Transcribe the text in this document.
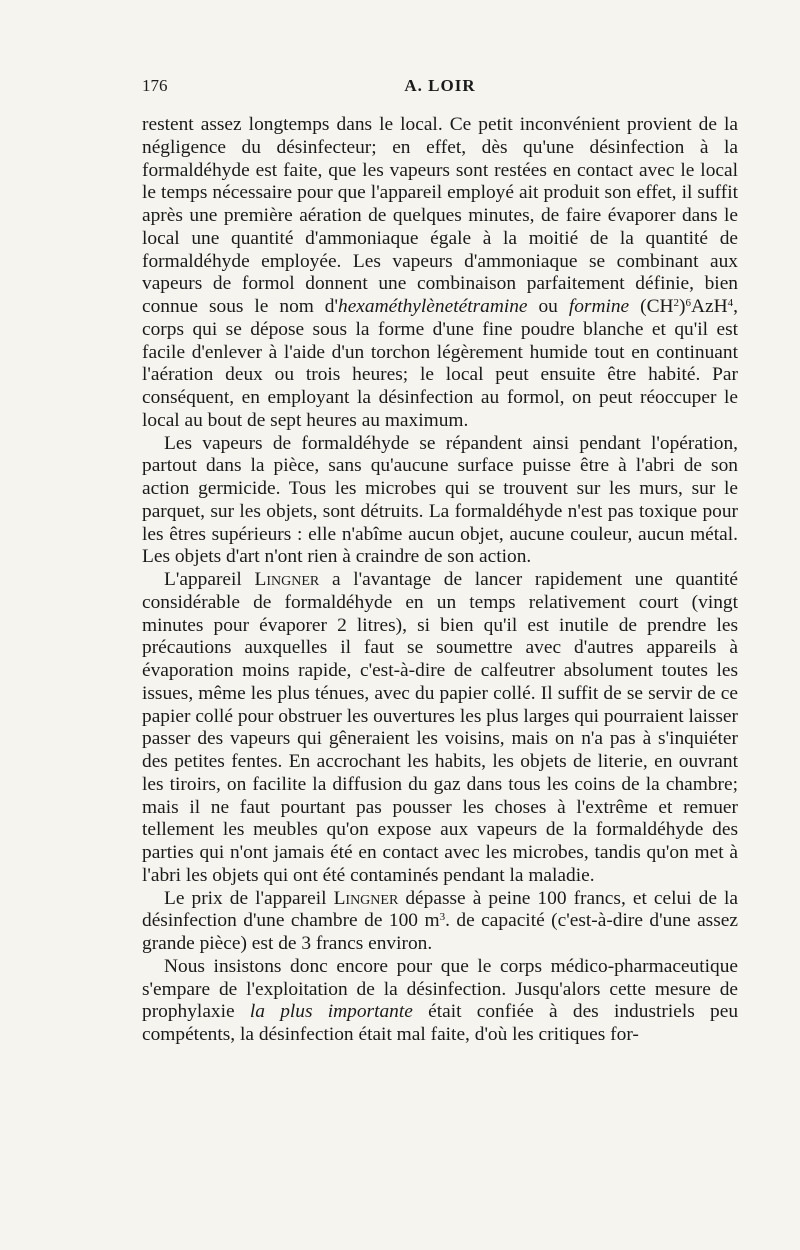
176	A. LOIR

restent assez longtemps dans le local. Ce petit inconvénient provient de la négligence du désinfecteur; en effet, dès qu'une désinfection à la formaldéhyde est faite, que les vapeurs sont restées en contact avec le local le temps nécessaire pour que l'appareil employé ait produit son effet, il suffit après une première aération de quelques minutes, de faire évaporer dans le local une quantité d'ammoniaque égale à la moitié de la quantité de formaldéhyde employée. Les vapeurs d'ammoniaque se combinant aux vapeurs de formol donnent une combinaison parfaitement définie, bien connue sous le nom d'hexaméthylènetétramine ou formine $(CH^2)^6AzH^4$, corps qui se dépose sous la forme d'une fine poudre blanche et qu'il est facile d'enlever à l'aide d'un torchon légèrement humide tout en continuant l'aération deux ou trois heures; le local peut ensuite être habité. Par conséquent, en employant la désinfection au formol, on peut réoccuper le local au bout de sept heures au maximum.

Les vapeurs de formaldéhyde se répandent ainsi pendant l'opération, partout dans la pièce, sans qu'aucune surface puisse être à l'abri de son action germicide. Tous les microbes qui se trouvent sur les murs, sur le parquet, sur les objets, sont détruits. La formaldéhyde n'est pas toxique pour les êtres supérieurs : elle n'abîme aucun objet, aucune couleur, aucun métal. Les objets d'art n'ont rien à craindre de son action.

L'appareil Lingner a l'avantage de lancer rapidement une quantité considérable de formaldéhyde en un temps relativement court (vingt minutes pour évaporer 2 litres), si bien qu'il est inutile de prendre les précautions auxquelles il faut se soumettre avec d'autres appareils à évaporation moins rapide, c'est-à-dire de calfeutrer absolument toutes les issues, même les plus ténues, avec du papier collé. Il suffit de se servir de ce papier collé pour obstruer les ouvertures les plus larges qui pourraient laisser passer des vapeurs qui gêneraient les voisins, mais on n'a pas à s'inquiéter des petites fentes. En accrochant les habits, les objets de literie, en ouvrant les tiroirs, on facilite la diffusion du gaz dans tous les coins de la chambre; mais il ne faut pourtant pas pousser les choses à l'extrême et remuer tellement les meubles qu'on expose aux vapeurs de la formaldéhyde des parties qui n'ont jamais été en contact avec les microbes, tandis qu'on met à l'abri les objets qui ont été contaminés pendant la maladie.

Le prix de l'appareil Lingner dépasse à peine 100 francs, et celui de la désinfection d'une chambre de 100 $m^3$. de capacité (c'est-à-dire d'une assez grande pièce) est de 3 francs environ.

Nous insistons donc encore pour que le corps médico-pharmaceutique s'empare de l'exploitation de la désinfection. Jusqu'alors cette mesure de prophylaxie la plus importante était confiée à des industriels peu compétents, la désinfection était mal faite, d'où les critiques for-
